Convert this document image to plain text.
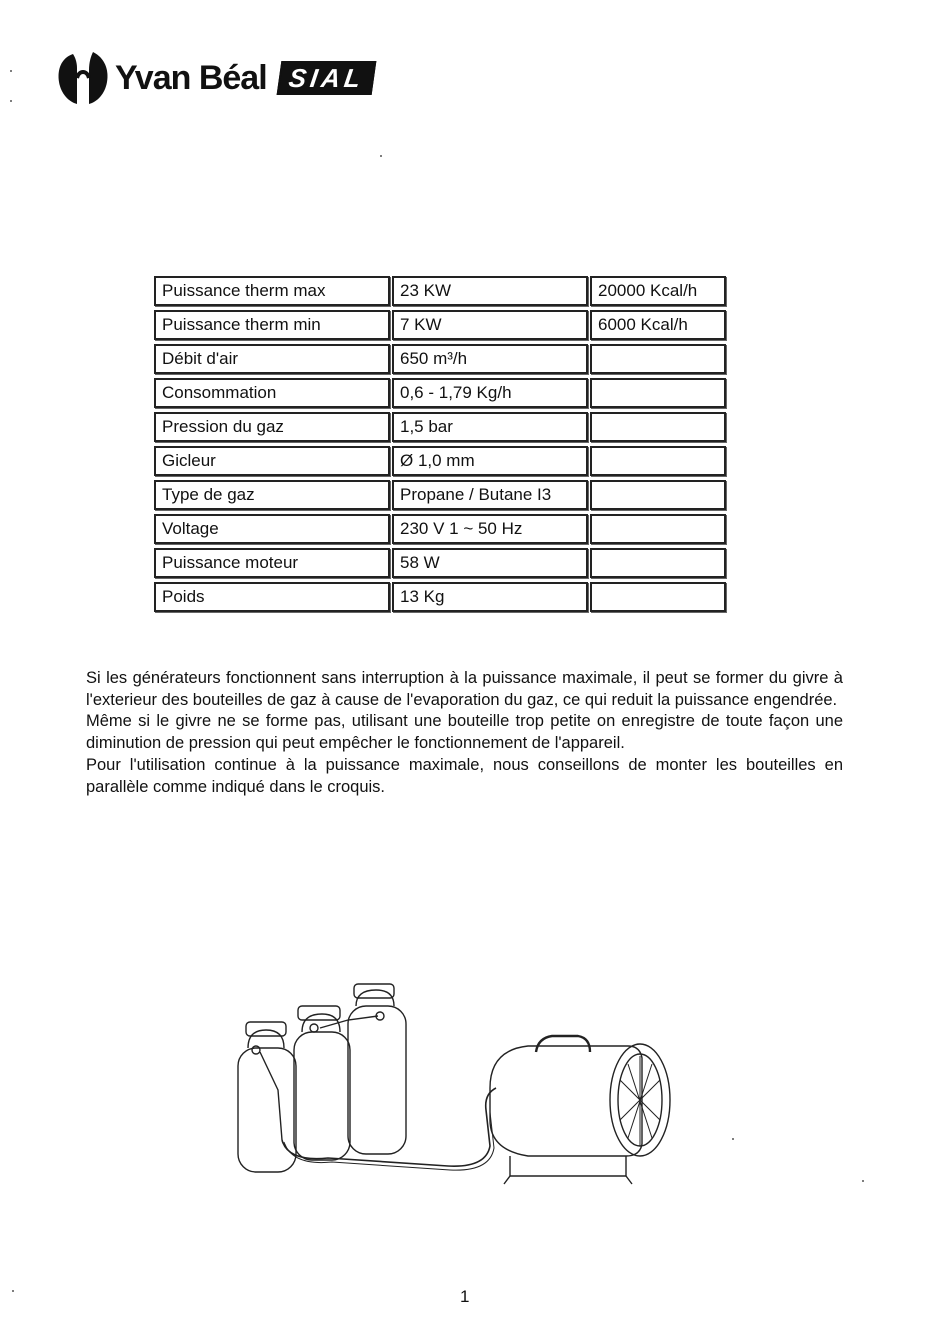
Yvan Béal SIAL
Puissance therm max	23 KW	20000 Kcal/h
Puissance therm min	7 KW	6000 Kcal/h
Débit d'air	650 m³/h	
Consommation	0,6 - 1,79 Kg/h	
Pression du gaz	1,5 bar	
Gicleur	Ø 1,0 mm	
Type de gaz	Propane / Butane I3	
Voltage	230 V 1 ~ 50 Hz	
Puissance moteur	58 W	
Poids	13 Kg	

Si les générateurs fonctionnent sans interruption à la puissance maximale, il peut se former du givre à l'exterieur des bouteilles de gaz à cause de l'evaporation du gaz, ce qui reduit la puissance engendrée.

Même si le givre ne se forme pas, utilisant une bouteille trop petite on enregistre de toute façon une diminution de pression qui peut empêcher le fonctionnement de l'appareil.

Pour l'utilisation continue à la puissance maximale, nous conseillons de monter les bouteilles en parallèle comme indiqué dans le croquis.

1
